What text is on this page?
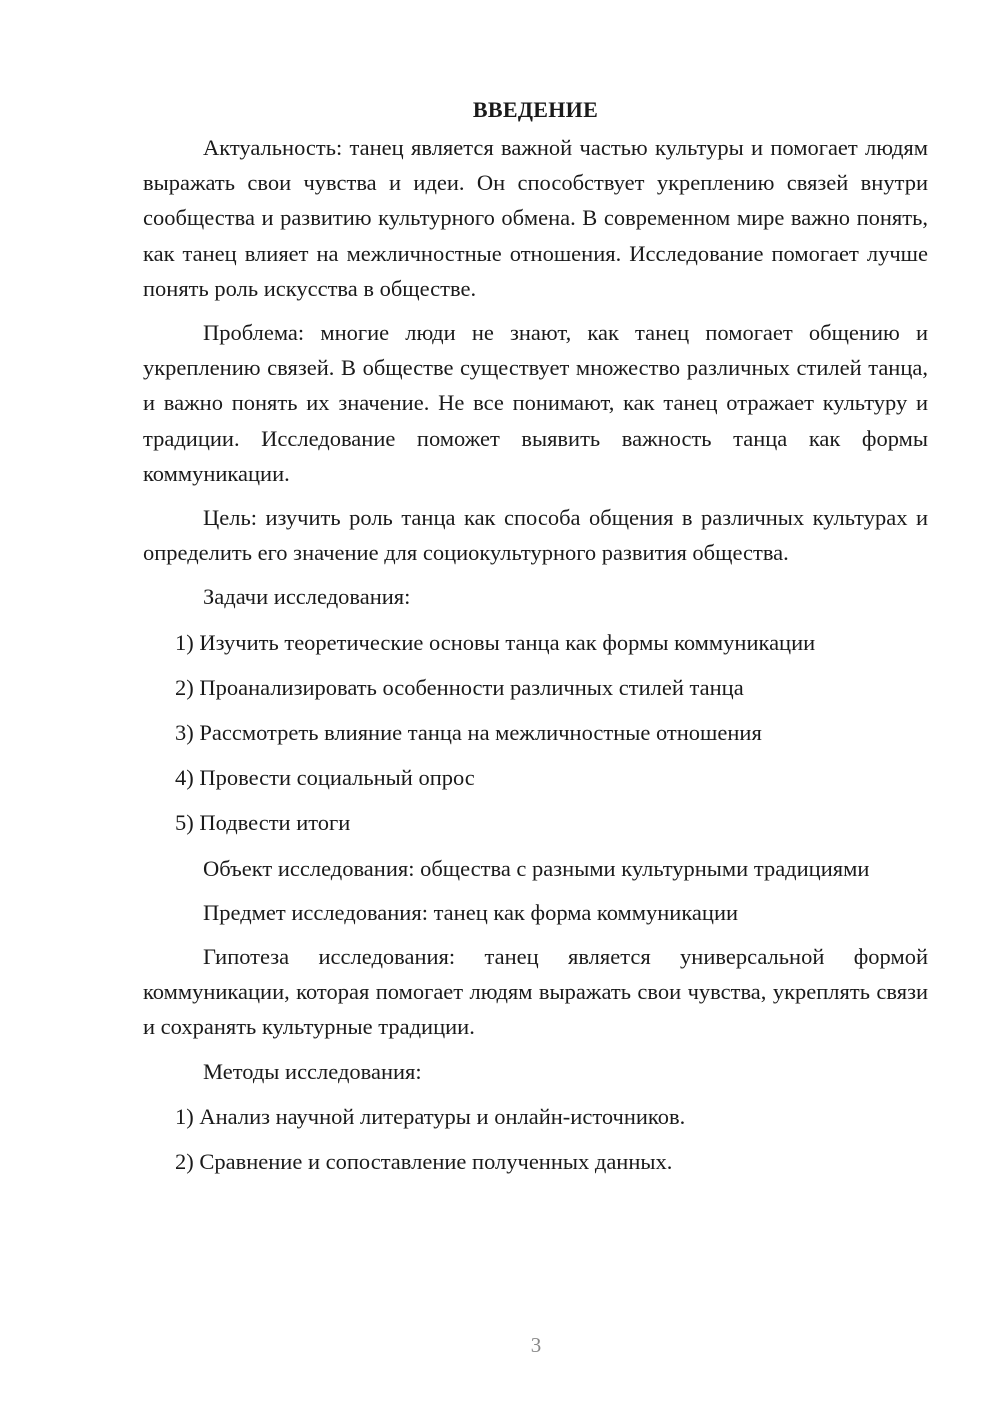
ВВЕДЕНИЕ

Актуальность: танец является важной частью культуры и помогает людям выражать свои чувства и идеи. Он способствует укреплению связей внутри сообщества и развитию культурного обмена. В современном мире важно понять, как танец влияет на межличностные отношения. Исследование помогает лучше понять роль искусства в обществе.

Проблема: многие люди не знают, как танец помогает общению и укреплению связей. В обществе существует множество различных стилей танца, и важно понять их значение. Не все понимают, как танец отражает культуру и традиции. Исследование поможет выявить важность танца как формы коммуникации.

Цель: изучить роль танца как способа общения в различных культурах и определить его значение для социокультурного развития общества.

Задачи исследования:

1) Изучить теоретические основы танца как формы коммуникации

2) Проанализировать особенности различных стилей танца

3) Рассмотреть влияние танца на межличностные отношения

4) Провести социальный опрос

5) Подвести итоги

Объект исследования: общества с разными культурными традициями

Предмет исследования: танец как форма коммуникации

Гипотеза исследования: танец является универсальной формой коммуникации, которая помогает людям выражать свои чувства, укреплять связи и сохранять культурные традиции.

Методы исследования:

1) Анализ научной литературы и онлайн-источников.

2) Сравнение и сопоставление полученных данных.

3
